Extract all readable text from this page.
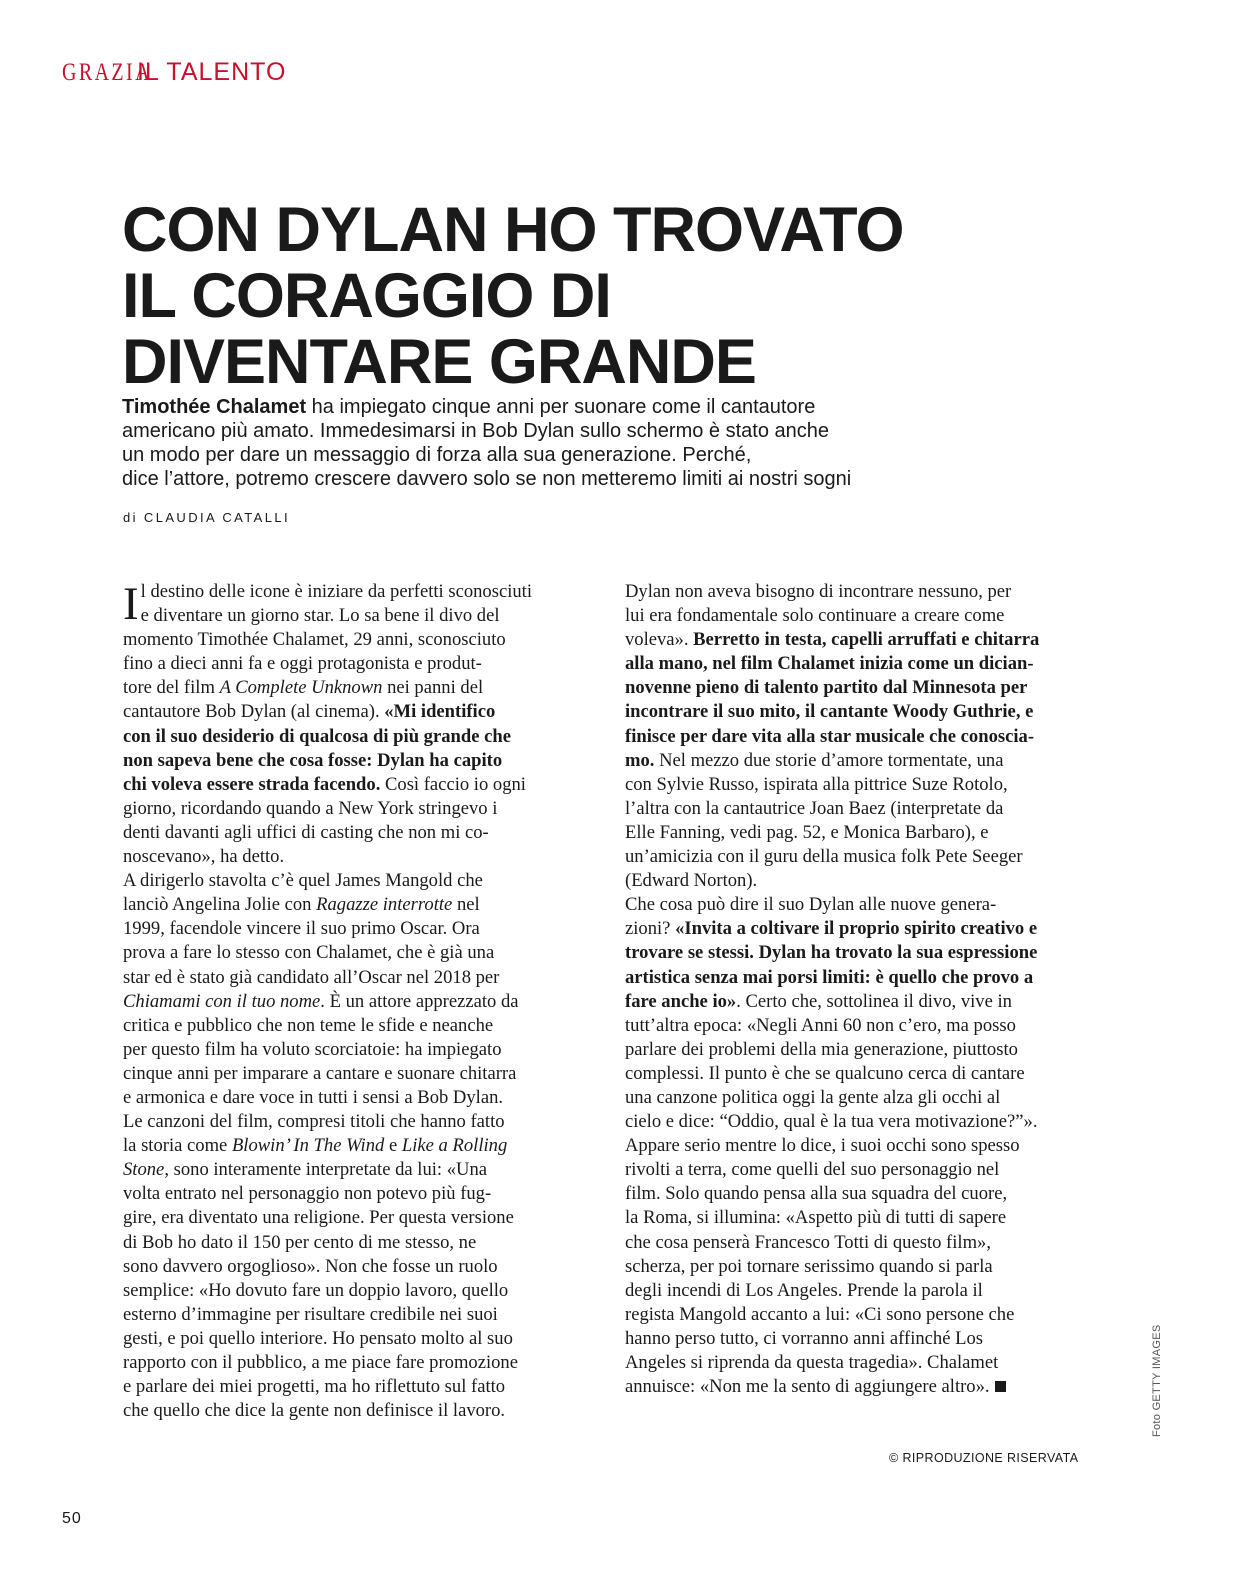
GRAZIA
IL TALENTO
CON DYLAN HO TROVATO
IL CORAGGIO DI
DIVENTARE GRANDE
Timothée Chalamet ha impiegato cinque anni per suonare come il cantautore
americano più amato. Immedesimarsi in Bob Dylan sullo schermo è stato anche
un modo per dare un messaggio di forza alla sua generazione. Perché,
dice l’attore, potremo crescere davvero solo se non metteremo limiti ai nostri sogni
di CLAUDIA CATALLI
I l destino delle icone è iniziare da perfetti sconosciuti
e diventare un giorno star. Lo sa bene il divo del
momento Timothée Chalamet, 29 anni, sconosciuto
fino a dieci anni fa e oggi protagonista e produt-
tore del film A Complete Unknown nei panni del
cantautore Bob Dylan (al cinema). «Mi identifico
con il suo desiderio di qualcosa di più grande che
non sapeva bene che cosa fosse: Dylan ha capito
chi voleva essere strada facendo. Così faccio io ogni
giorno, ricordando quando a New York stringevo i
denti davanti agli uffici di casting che non mi co-
noscevano», ha detto.
A dirigerlo stavolta c’è quel James Mangold che
lanciò Angelina Jolie con Ragazze interrotte nel
1999, facendole vincere il suo primo Oscar. Ora
prova a fare lo stesso con Chalamet, che è già una
star ed è stato già candidato all’Oscar nel 2018 per
Chiamami con il tuo nome. È un attore apprezzato da
critica e pubblico che non teme le sfide e neanche
per questo film ha voluto scorciatoie: ha impiegato
cinque anni per imparare a cantare e suonare chitarra
e armonica e dare voce in tutti i sensi a Bob Dylan.
Le canzoni del film, compresi titoli che hanno fatto
la storia come Blowin’ In The Wind e Like a Rolling
Stone, sono interamente interpretate da lui: «Una
volta entrato nel personaggio non potevo più fug-
gire, era diventato una religione. Per questa versione
di Bob ho dato il 150 per cento di me stesso, ne
sono davvero orgoglioso». Non che fosse un ruolo
semplice: «Ho dovuto fare un doppio lavoro, quello
esterno d’immagine per risultare credibile nei suoi
gesti, e poi quello interiore. Ho pensato molto al suo
rapporto con il pubblico, a me piace fare promozione
e parlare dei miei progetti, ma ho riflettuto sul fatto
che quello che dice la gente non definisce il lavoro.
Dylan non aveva bisogno di incontrare nessuno, per
lui era fondamentale solo continuare a creare come
voleva». Berretto in testa, capelli arruffati e chitarra
alla mano, nel film Chalamet inizia come un dician-
novenne pieno di talento partito dal Minnesota per
incontrare il suo mito, il cantante Woody Guthrie, e
finisce per dare vita alla star musicale che conoscia-
mo. Nel mezzo due storie d’amore tormentate, una
con Sylvie Russo, ispirata alla pittrice Suze Rotolo,
l’altra con la cantautrice Joan Baez (interpretate da
Elle Fanning, vedi pag. 52, e Monica Barbaro), e
un’amicizia con il guru della musica folk Pete Seeger
(Edward Norton).
Che cosa può dire il suo Dylan alle nuove genera-
zioni? «Invita a coltivare il proprio spirito creativo e
trovare se stessi. Dylan ha trovato la sua espressione
artistica senza mai porsi limiti: è quello che provo a
fare anche io». Certo che, sottolinea il divo, vive in
tutt’altra epoca: «Negli Anni 60 non c’ero, ma posso
parlare dei problemi della mia generazione, piuttosto
complessi. Il punto è che se qualcuno cerca di cantare
una canzone politica oggi la gente alza gli occhi al
cielo e dice: “Oddio, qual è la tua vera motivazione?”».
Appare serio mentre lo dice, i suoi occhi sono spesso
rivolti a terra, come quelli del suo personaggio nel
film. Solo quando pensa alla sua squadra del cuore,
la Roma, si illumina: «Aspetto più di tutti di sapere
che cosa penserà Francesco Totti di questo film»,
scherza, per poi tornare serissimo quando si parla
degli incendi di Los Angeles. Prende la parola il
regista Mangold accanto a lui: «Ci sono persone che
hanno perso tutto, ci vorranno anni affinché Los
Angeles si riprenda da questa tragedia». Chalamet
annuisce: «Non me la sento di aggiungere altro».
© RIPRODUZIONE RISERVATA
Foto GETTY IMAGES
50
